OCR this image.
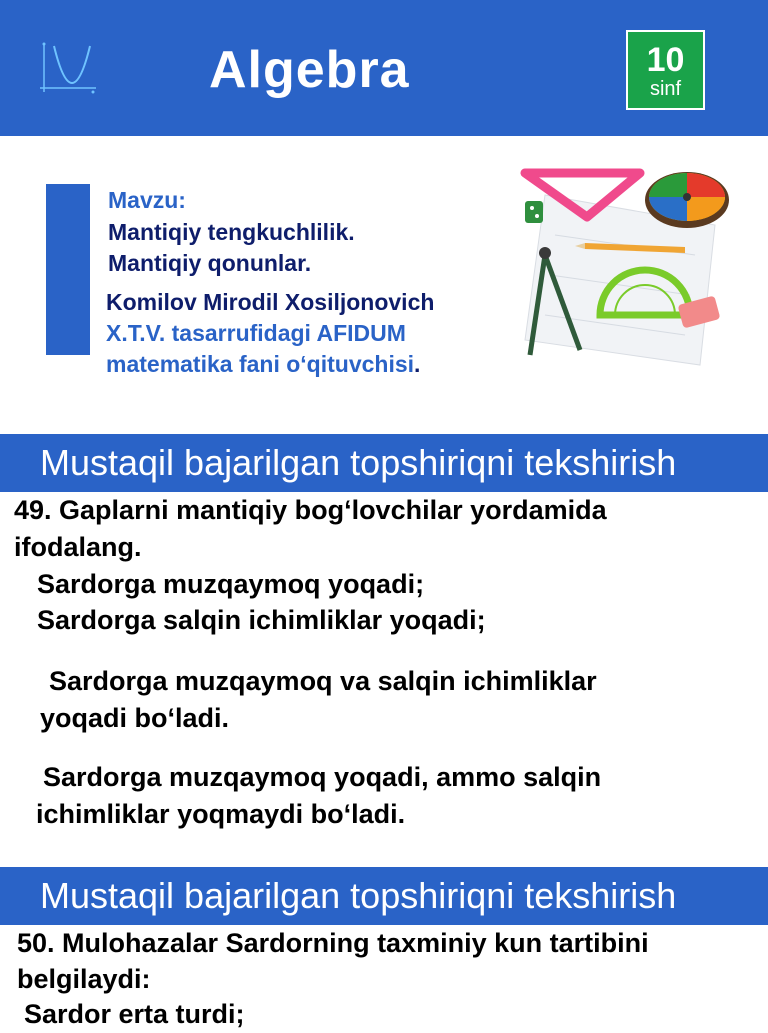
Algebra	10
sinf
Mavzu:
Mantiqiy tengkuchlilik.
Mantiqiy qonunlar.
Komilov Mirodil Xosiljonovich
X.T.V. tasarrufidagi AFIDUM
matematika fani o‘qituvchisi.
Mustaqil bajarilgan topshiriqni tekshirish
49. Gaplarni mantiqiy bog‘lovchilar yordamida
ifodalang.
Sardorga muzqaymoq yoqadi;
Sardorga salqin ichimliklar yoqadi;
Sardorga muzqaymoq va salqin ichimliklar
yoqadi bo‘ladi.
Sardorga muzqaymoq yoqadi, ammo salqin
ichimliklar yoqmaydi bo‘ladi.
Mustaqil bajarilgan topshiriqni tekshirish
50. Mulohazalar Sardorning taxminiy kun tartibini
belgilaydi:
Sardor erta turdi;
